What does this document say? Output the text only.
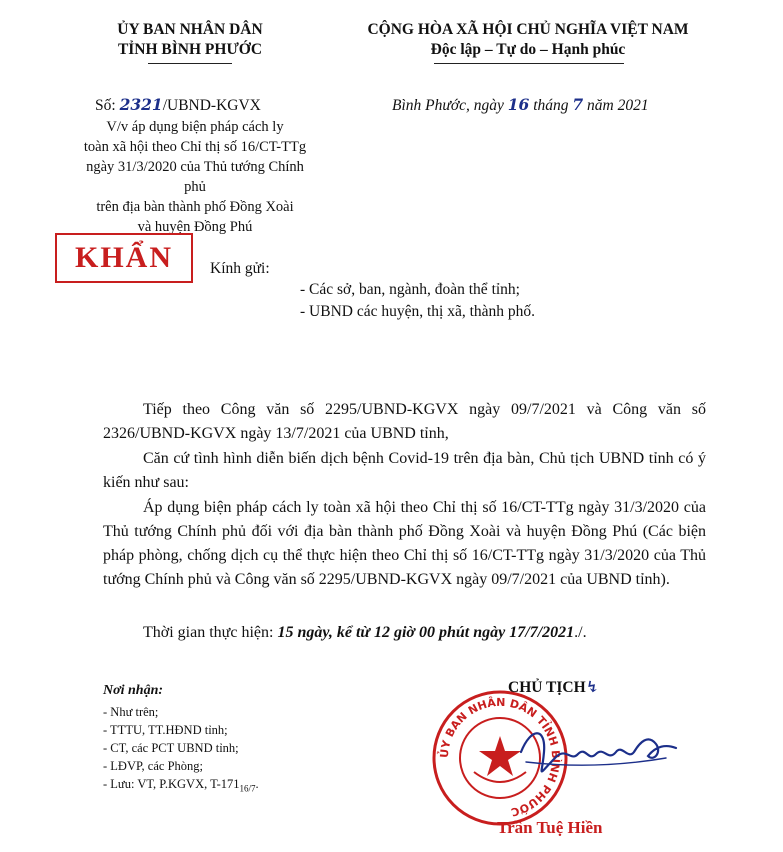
ỦY BAN NHÂN DÂN
TỈNH BÌNH PHƯỚC
CỘNG HÒA XÃ HỘI CHỦ NGHĨA VIỆT NAM
Độc lập – Tự do – Hạnh phúc
Số: 2321/UBND-KGVX	Bình Phước, ngày 16 tháng 7 năm 2021
V/v áp dụng biện pháp cách ly
toàn xã hội theo Chỉ thị số 16/CT-TTg
ngày 31/3/2020 của Thủ tướng Chính phủ
trên địa bàn thành phố Đồng Xoài
và huyện Đồng Phú
KHẨN	Kính gửi:
- Các sở, ban, ngành, đoàn thể tỉnh;
- UBND các huyện, thị xã, thành phố.
Tiếp theo Công văn số 2295/UBND-KGVX ngày 09/7/2021 và Công văn số 2326/UBND-KGVX ngày 13/7/2021 của UBND tỉnh,
Căn cứ tình hình diễn biến dịch bệnh Covid-19 trên địa bàn, Chủ tịch UBND tỉnh có ý kiến như sau:
Áp dụng biện pháp cách ly toàn xã hội theo Chỉ thị số 16/CT-TTg ngày 31/3/2020 của Thủ tướng Chính phủ đối với địa bàn thành phố Đồng Xoài và huyện Đồng Phú (Các biện pháp phòng, chống dịch cụ thể thực hiện theo Chỉ thị số 16/CT-TTg ngày 31/3/2020 của Thủ tướng Chính phủ và Công văn số 2295/UBND-KGVX ngày 09/7/2021 của UBND tỉnh).
Thời gian thực hiện: 15 ngày, kể từ 12 giờ 00 phút ngày 17/7/2021./.
Nơi nhận:
- Như trên;
- TTTU, TT.HĐND tỉnh;
- CT, các PCT UBND tỉnh;
- LĐVP, các Phòng;
- Lưu: VT, P.KGVX, $T-171_{16/7}$.
ỦY BAN NHÂN DÂN TỈNH BÌNH PHƯỚC
CHỦ TỊCH↯
Trần Tuệ Hiền
